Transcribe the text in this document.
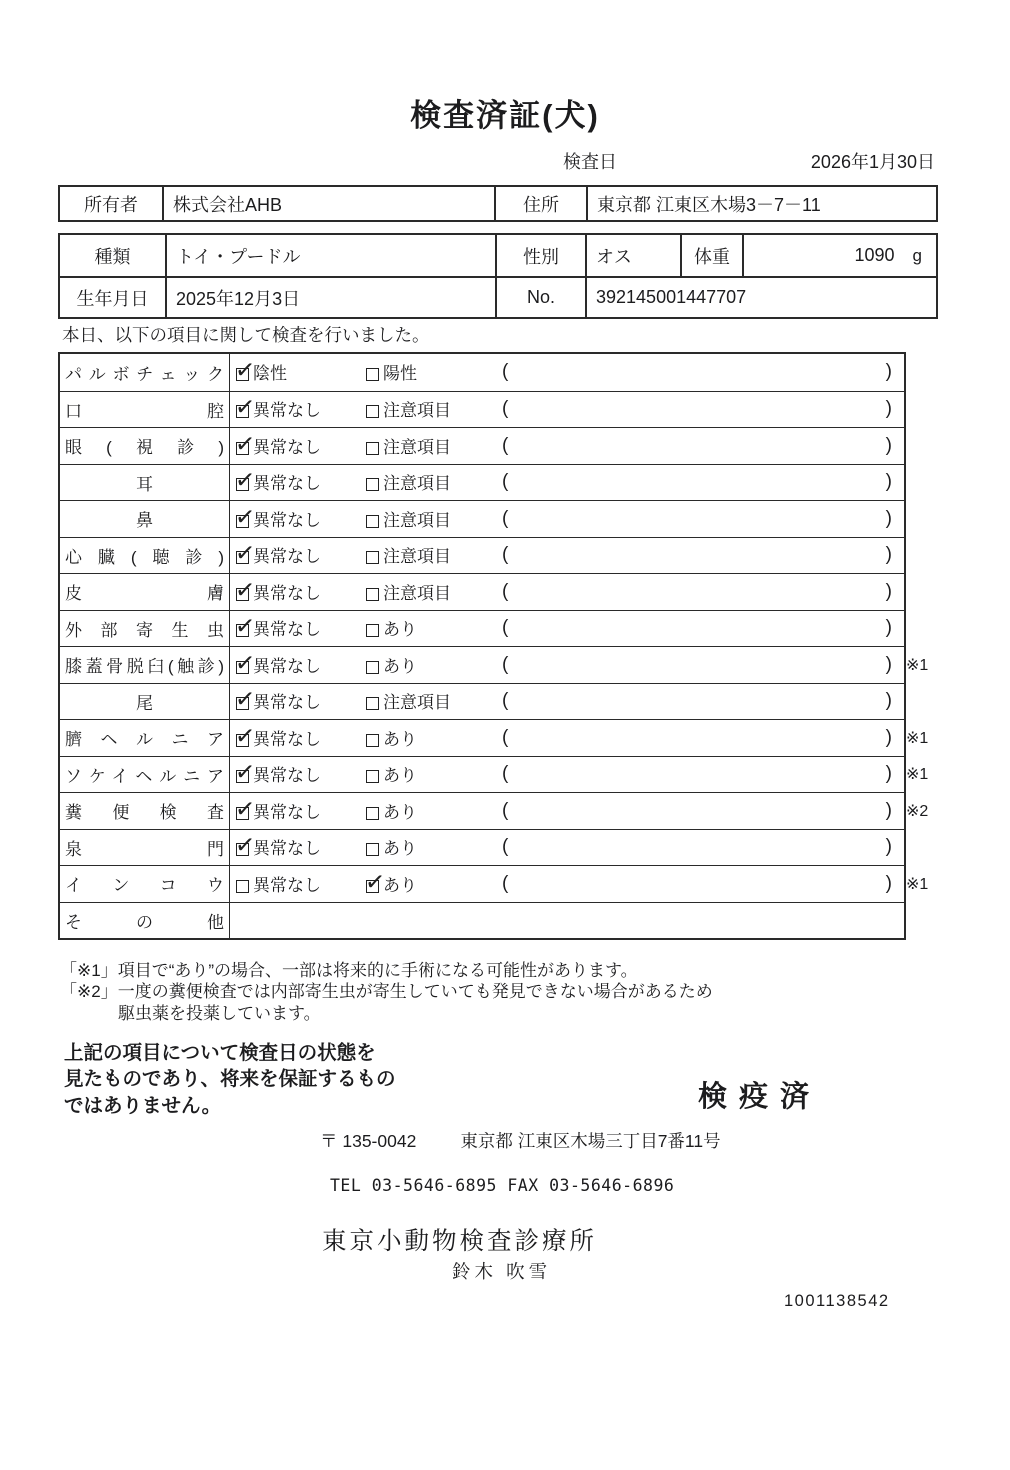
検査済証(犬)
検査日	2026年1月30日
所有者	株式会社AHB	住所	東京都 江東区木場3－7－11
種類	トイ・プードル	性別	オス	体重	1090 g
生年月日	2025年12月3日	No.	392145001447707

本日、以下の項目に関して検査を行いました。

パルボチェック ✓	陰性	陽性	(	)
口腔 ✓	異常なし	注意項目	(	)
眼(視診) ✓	異常なし	注意項目	(	)
耳 ✓	異常なし	注意項目	(	)
鼻 ✓	異常なし	注意項目	(	)
心臓(聴診) ✓	異常なし	注意項目	(	)
皮膚 ✓	異常なし	注意項目	(	)
外部寄生虫 ✓	異常なし	あり	(	)
膝蓋骨脱臼(触診) ✓	異常なし	あり	(	) ※1
尾 ✓	異常なし	注意項目	(	)
臍ヘルニア ✓	異常なし	あり	(	) ※1
ソケイヘルニア ✓	異常なし	あり	(	) ※1
糞便検査 ✓	異常なし	あり	(	) ※2
泉門 ✓	異常なし	あり	(	)
インコウ	異常なし ✓	あり	(	) ※1
その他

「※1」項目で“あり”の場合、一部は将来的に手術になる可能性があります。

「※2」一度の糞便検査では内部寄生虫が寄生していても発見できない場合があるため

駆虫薬を投薬しています。

上記の項目について検査日の状態を

見たものであり、将来を保証するもの

ではありません。	検疫済
〒 135-0042	東京都 江東区木場三丁目7番11号
TEL 03-5646-6895 FAX 03-5646-6896
東京小動物検査診療所
鈴木 吹雪
1001138542
